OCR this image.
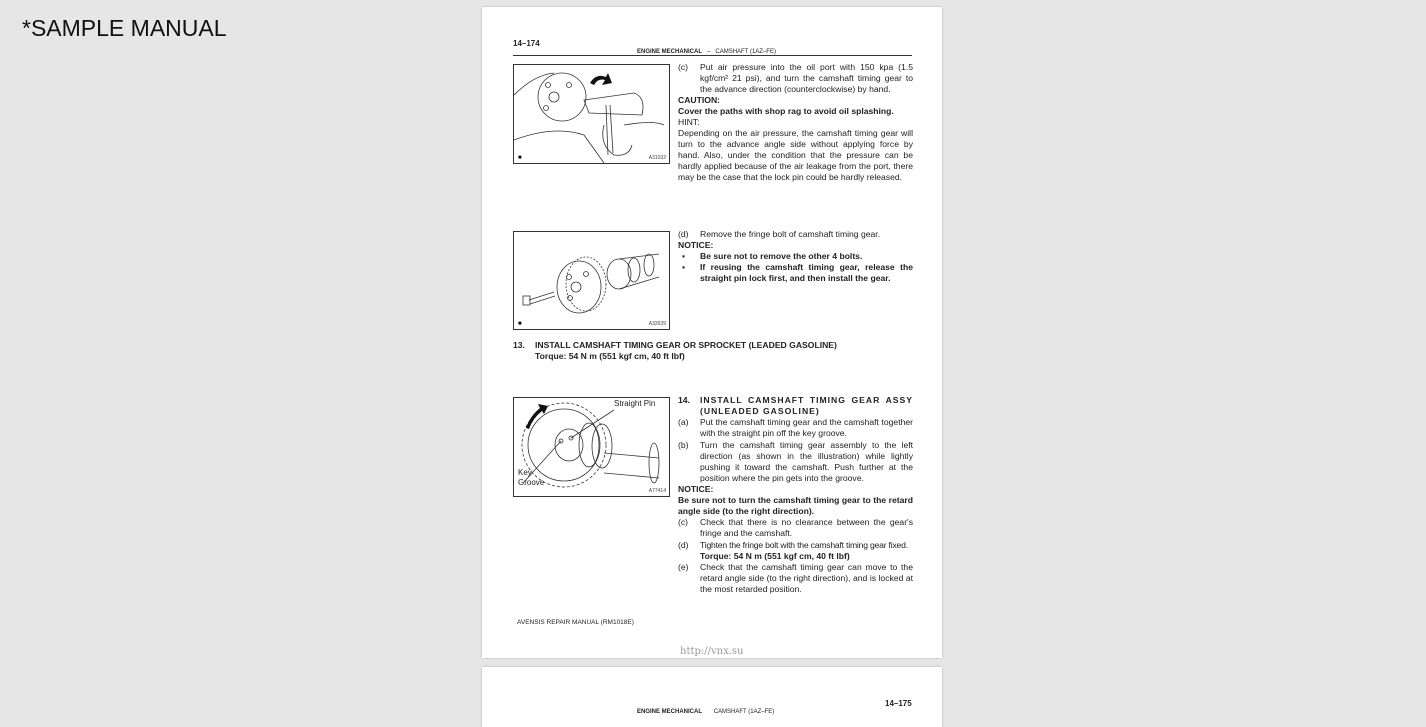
*SAMPLE MANUAL
14–174
ENGINE MECHANICAL – CAMSHAFT (1AZ–FE)
■	A31032
(c) Put air pressure into the oil port with 150 kpa (1.5 kgf/cm² 21 psi), and turn the camshaft timing gear to the advance direction (counterclockwise) by hand.
CAUTION:
Cover the paths with shop rag to avoid oil splashing.
HINT:
Depending on the air pressure, the camshaft timing gear will turn to the advance angle side without applying force by hand. Also, under the condition that the pressure can be hardly applied because of the air leakage from the port, there may be the case that the lock pin could be hardly released.
■	A32639
(d) Remove the fringe bolt of camshaft timing gear.
NOTICE:
▪ Be sure not to remove the other 4 bolts.
▪ If reusing the camshaft timing gear, release the straight pin lock first, and then install the gear.
13. INSTALL CAMSHAFT TIMING GEAR OR SPROCKET (LEADED GASOLINE)
Torque: 54 N m (551 kgf cm, 40 ft lbf)
Straight Pin
Key Groove
A77414
14. INSTALL CAMSHAFT TIMING GEAR ASSY (UNLEADED GASOLINE)
(a) Put the camshaft timing gear and the camshaft together with the straight pin off the key groove.
(b) Turn the camshaft timing gear assembly to the left direction (as shown in the illustration) while lightly pushing it toward the camshaft. Push further at the position where the pin gets into the groove.
NOTICE:
Be sure not to turn the camshaft timing gear to the retard angle side (to the right direction).
(c) Check that there is no clearance between the gear's fringe and the camshaft.
(d) Tighten the fringe bolt with the camshaft timing gear fixed.
Torque: 54 N m (551 kgf cm, 40 ft lbf)
(e) Check that the camshaft timing gear can move to the retard angle side (to the right direction), and is locked at the most retarded position.
AVENSIS REPAIR MANUAL (RM1018E)
http://vnx.su
14–175
ENGINE MECHANICAL CAMSHAFT (1AZ–FE)
